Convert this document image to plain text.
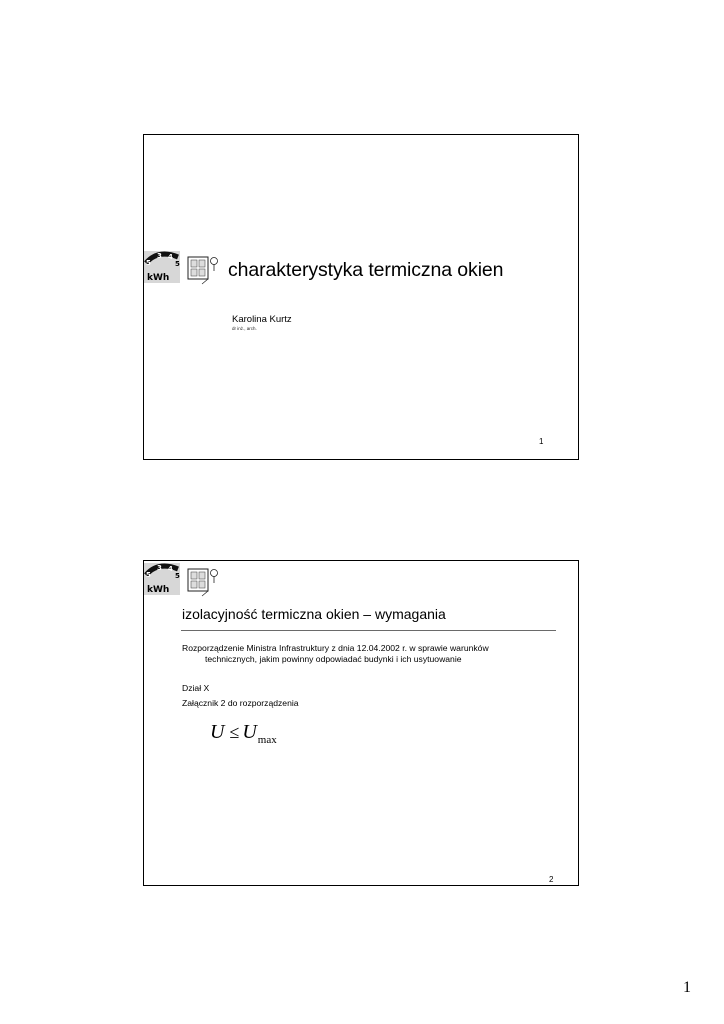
5
3 4
5
kWh	charakterystyka termiczna okien
Karolina Kurtz
dr inż., arch.
1
5
3 4
5
kWh
izolacyjność termiczna okien – wymagania
Rozporządzenie Ministra Infrastruktury z dnia 12.04.2002 r. w sprawie warunków
technicznych, jakim powinny odpowiadać budynki i ich usytuowanie
Dział X
Załącznik 2 do rozporządzenia
$U \le U_{max}$
2
1
